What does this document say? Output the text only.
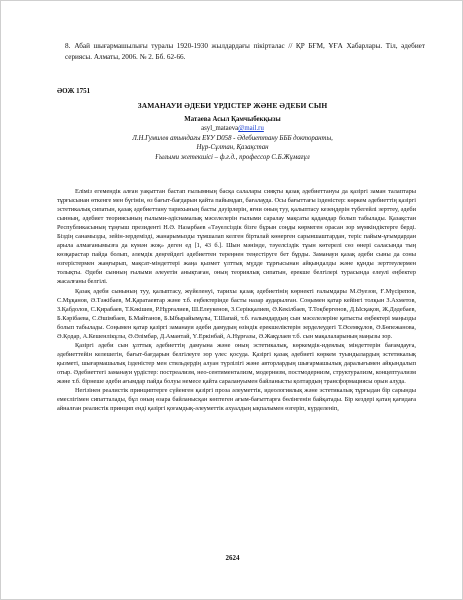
8. Абай шығармашылығы туралы 1920-1930 жылдардағы пікірталас // ҚР БҒМ, ҰҒА Хабарлары. Тіл, әдебиет сериясы. Алматы, 2006. № 2. Бб. 62-66.
ӘОЖ 1751
ЗАМАНАУИ ӘДЕБИ ҮРДІСТЕР ЖӘНЕ ӘДЕБИ СЫН
Матаева Асыл Қамчыбекқызы
asyl_mataeva@mail.ru
Л.Н.Гумилев атындағы ЕҰУ D058 - Әдебиеттану БББ докторанты,
Нұр-Сұлтан, Қазақстан
Ғылыми жетекшісі – ф.ғ.д., профессор С.Б.Жұмағұл

Еліміз егемендік алған уақыттан бастап ғылымның басқа салалары сияқты қазақ әдебиеттануы да қазіргі заман талаптары тұрғысынан өткенге мен бүгінін, өз бағыт-бағдарын қайта пайымдап, бағалауда. Осы бағыттағы ізденістер: көркем әдебиеттің қазіргі эстетикалық сипатын, қазақ әдебиеттану тарихының басты дәуірлерін, яғни оның туу, қалыптасу кезеңдерін түбегейлі зерттеу, әдеби сынның, әдебиет теориясының ғылыми-әдіснамалық мәселелерін ғылыми саралау мақсаты қадамдар болып табылады. Қазақстан Республикасының тұңғыш президенті Н.Ә. Назарбаев «Тәуелсіздік бізге бұрын соңды көрмеген орасан зор мүмкіндіктерге берді. Біздің санамызды, зейін-зердемізді, жанарымызды тұмшалап келген бірталай көнерген сарыншаштардан, теріс пайым-ұғымдардан арыла алмағанымызға да күмән жоқ» деген ед [1, 43 б.]. Шын мәнінде, тәуелсіздік тұын көтерелі сөз өнері саласында тың көзқарастар пайда болып, әлемдік деңгейдегі әдебиеттен тереңнен теңестіруге бет бұрды. Заманауи қазақ әдеби сыны да соны өзгерістермен жаңғырып, мақсат-міндеттері жаңа қызмет үлттық мүдде тұрғысынан айқындалды және құнды зерттеулермен толықты. Әдеби сынның ғылыми әлеуетін анықтаған, оның теориялық сипатын, ерекше белгілері турасында елеулі еңбектер жасалғаны белгілі.

Қазақ әдеби сынының туу, қалыптасу, жүйеленуі, тарихы қазақ әдебиетінің көрнекті ғалымдары М.Әуезов, Ғ.Мүсірепов, С.Мұқанов, Ә.Тәжібаев, М.Қаратаевтар және т.б. еңбектерінде басты назар аударылған. Соңымен қатар кейінгі толқын З.Ахметов, З.Қабдолов, С.Қирабаев, Т.Кәкішев, Р.Нұрғалиев, Ш.Елеукенов, З.Серікқалиев, Ә.Кекілбаев, Т.Тоқбергенов, Д.Ысқақов, Ж.Дәдебаев, Б.Кәрібаева, С.Әшімбаев, Б.Майтанов, Б.Ыбырайымұлы, Т.Шапай, т.б. ғалымдардың сын мәселелеріне қатысты еңбектері маңызды болып табылады. Соңымен қатар қазіргі заманауи әдеби дамудың өзіндік ерекшеліктерін зерделеудегі Т.Әсемқұлов, Ә.Бөпежанова, Ә.Қодар, А.Кешенлікұлы, Ә.Әлімбар, Д.Амантай, Ү.Еркінбай, А.Нұрғазы, Ә.Жақұлаев т.б. сын мақалаларының маңызы зор.

Қазіргі әдеби сын ұлттық әдебиеттің дамуына және оның эстетикалық, көркемдік-идеялық міндеттерін бағамдауға, әдебиеттейін келешегін, бағыт-бағдарын белгілеуге зор үлес қосуда. Қазіргі қазақ әдебиеті көркем туындылардың эстетикалық қызметі, шығармашылық ізденістер мен стильдердің алуан түрлілігі және авторлардың шығармашылық даралығымен айқындалып отыр. Әдебиеттегі заманауи үрдістер: постреализм, нео-сентиментализм, модернизм, постмодернизм, структурализм, концептуализм және т.б. бірнеше әдеби ағымдар пайда болуы немесе қайта саралануымен байланысты қолтардың трансформациясы орын алуда.

Негізінен реалистік принциптерге сүйенген қазіргі проза әлеуметтік, идеологиялық және эстетикалық тұрғыдан бір сарынды емеслігімен сипатталады, бұл оның өзара байланысқан көптеген ағым-бағыттарға бөлінгенін байқатады. Бір кездері қатаң қағидаға айналған реалистік принцип енді қазіргі қоғамдық-әлеуметтік ахуалдың ықпалымен өзгеріп, күрделеніп,

2624
